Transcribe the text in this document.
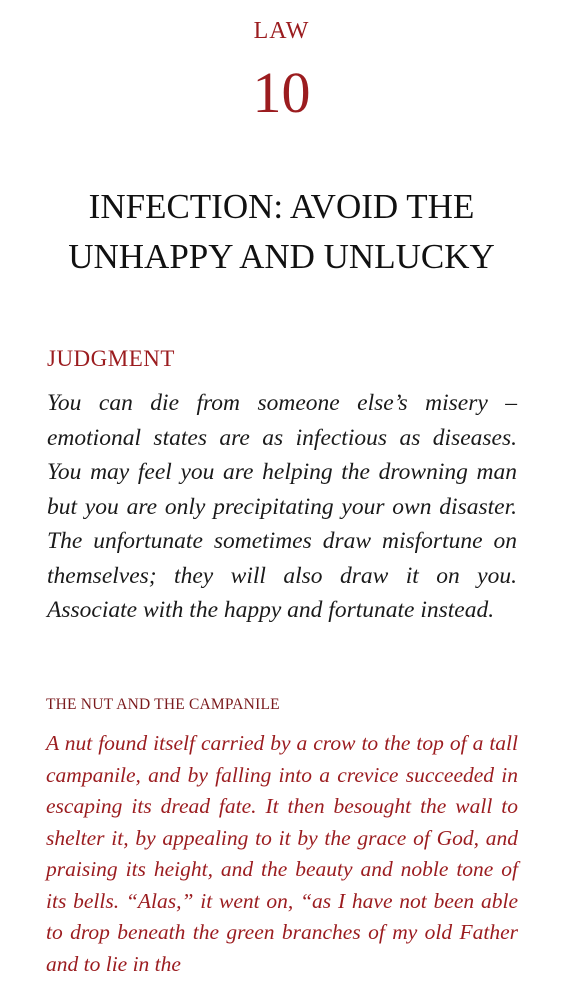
LAW
10
INFECTION: AVOID THE UNHAPPY AND UNLUCKY
JUDGMENT
You can die from someone else’s misery – emotional states are as infectious as diseases. You may feel you are helping the drowning man but you are only precipitating your own disaster. The unfortunate sometimes draw misfortune on themselves; they will also draw it on you. Associate with the happy and fortunate instead.
THE NUT AND THE CAMPANILE
A nut found itself carried by a crow to the top of a tall campanile, and by falling into a crevice succeeded in escaping its dread fate. It then besought the wall to shelter it, by appealing to it by the grace of God, and praising its height, and the beauty and noble tone of its bells. “Alas,” it went on, “as I have not been able to drop beneath the green branches of my old Father and to lie in the
